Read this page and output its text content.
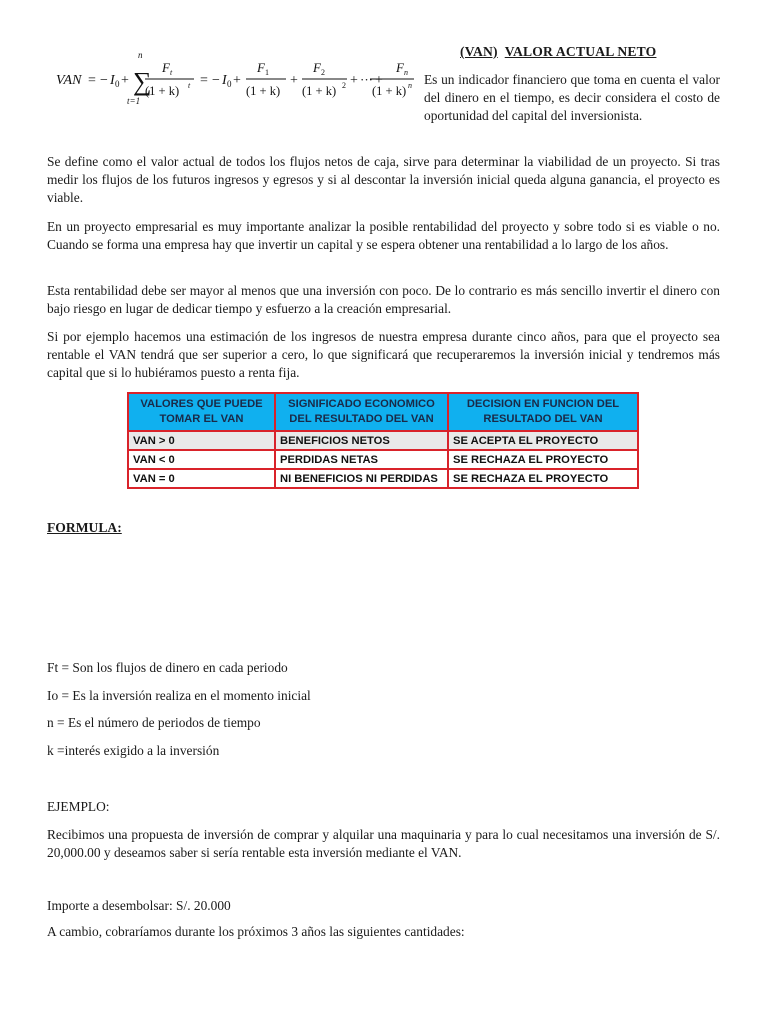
VAN = − I 0 + ∑
n
t=1
F t
(1 + k) t = − I 0 +
F 1
(1 + k)
+
F 2
(1 + k) 2 + ··· +
F n
(1 + k) n
(VAN) VALOR ACTUAL NETO

Es un indicador financiero que toma en cuenta el valor del dinero en el tiempo, es decir considera el costo de oportunidad del capital del inversionista.

Se define como el valor actual de todos los flujos netos de caja, sirve para determinar la viabilidad de un proyecto. Si tras medir los flujos de los futuros ingresos y egresos y si al descontar la inversión inicial queda alguna ganancia, el proyecto es viable.

En un proyecto empresarial es muy importante analizar la posible rentabilidad del proyecto y sobre todo si es viable o no. Cuando se forma una empresa hay que invertir un capital y se espera obtener una rentabilidad a lo largo de los años.

Esta rentabilidad debe ser mayor al menos que una inversión con poco. De lo contrario es más sencillo invertir el dinero con bajo riesgo en lugar de dedicar tiempo y esfuerzo a la creación empresarial.

Si por ejemplo hacemos una estimación de los ingresos de nuestra empresa durante cinco años, para que el proyecto sea rentable el VAN tendrá que ser superior a cero, lo que significará que recuperaremos la inversión inicial y tendremos más capital que si lo hubiéramos puesto a renta fija.

VALORES QUE PUEDE TOMAR EL VAN	SIGNIFICADO ECONOMICO DEL RESULTADO DEL VAN	DECISION EN FUNCION DEL RESULTADO DEL VAN
VAN > 0	BENEFICIOS NETOS	SE ACEPTA EL PROYECTO
VAN < 0	PERDIDAS NETAS	SE RECHAZA EL PROYECTO
VAN = 0	NI BENEFICIOS NI PERDIDAS	SE RECHAZA EL PROYECTO
FORMULA:

Ft = Son los flujos de dinero en cada periodo

Io = Es la inversión realiza en el momento inicial

n = Es el número de periodos de tiempo

k =interés exigido a la inversión

EJEMPLO:

Recibimos una propuesta de inversión de comprar y alquilar una maquinaria y para lo cual necesitamos una inversión de S/. 20,000.00 y deseamos saber si sería rentable esta inversión mediante el VAN.

Importe a desembolsar: S/. 20.000

A cambio, cobraríamos durante los próximos 3 años las siguientes cantidades:
